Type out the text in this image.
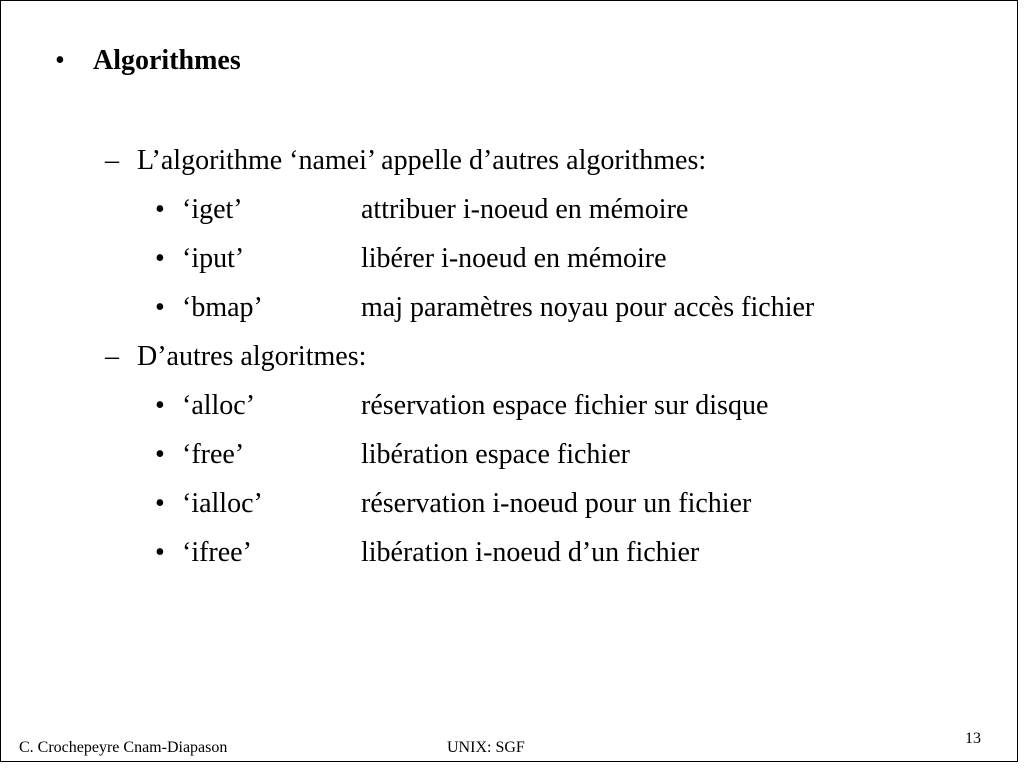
• Algorithmes
– L’algorithme ‘namei’ appelle d’autres algorithmes:
• ‘iget’	attribuer i-noeud en mémoire
• ‘iput’	libérer i-noeud en mémoire
• ‘bmap’	maj paramètres noyau pour accès fichier
– D’autres algoritmes:
• ‘alloc’	réservation espace fichier sur disque
• ‘free’	libération espace fichier
• ‘ialloc’	réservation i-noeud pour un fichier
• ‘ifree’	libération i-noeud d’un fichier
C. Crochepeyre Cnam-Diapason	UNIX: SGF
13
